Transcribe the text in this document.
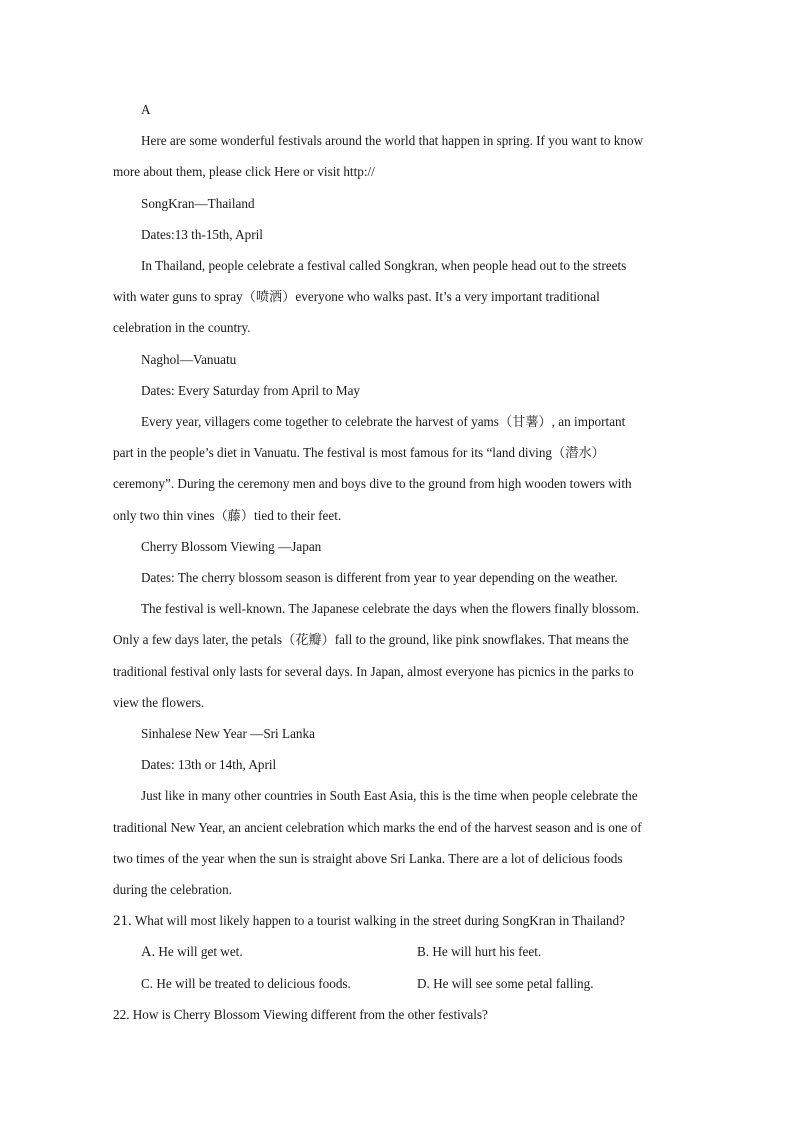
A
Here are some wonderful festivals around the world that happen in spring. If you want to know
more about them, please click Here or visit http://
SongKran—Thailand
Dates:13 th-15th, April
In Thailand, people celebrate a festival called Songkran, when people head out to the streets
with water guns to spray（喷洒）everyone who walks past. It’s a very important traditional
celebration in the country.
Naghol—Vanuatu
Dates: Every Saturday from April to May
Every year, villagers come together to celebrate the harvest of yams（甘薯）, an important
part in the people’s diet in Vanuatu. The festival is most famous for its “land diving（潜水）
ceremony”. During the ceremony men and boys dive to the ground from high wooden towers with
only two thin vines（藤）tied to their feet.
Cherry Blossom Viewing —Japan
Dates: The cherry blossom season is different from year to year depending on the weather.
The festival is well-known. The Japanese celebrate the days when the flowers finally blossom.
Only a few days later, the petals（花瓣）fall to the ground, like pink snowflakes. That means the
traditional festival only lasts for several days. In Japan, almost everyone has picnics in the parks to
view the flowers.
Sinhalese New Year —Sri Lanka
Dates: 13th or 14th, April
Just like in many other countries in South East Asia, this is the time when people celebrate the
traditional New Year, an ancient celebration which marks the end of the harvest season and is one of
two times of the year when the sun is straight above Sri Lanka. There are a lot of delicious foods
during the celebration.
21. What will most likely happen to a tourist walking in the street during SongKran in Thailand?
A. He will get wet.	B. He will hurt his feet.
C. He will be treated to delicious foods.	D. He will see some petal falling.
22. How is Cherry Blossom Viewing different from the other festivals?
